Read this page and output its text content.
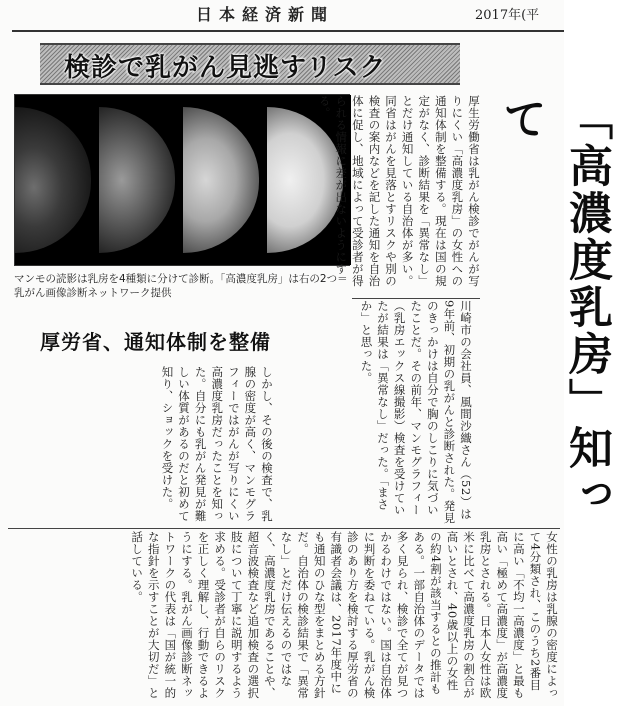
日本経済新聞	2017年(平
検診で乳がん見逃すリスク
「高濃度乳房」知って
マンモの読影は乳房を4種類に分けて診断。「高濃度乳房」は右の2つ＝乳がん画像診断ネットワーク提供
厚生労働省は乳がん検診でがんが写りにくい「高濃度乳房」の女性への通知体制を整備する。現在は国の規定がなく、診断結果を「異常なし」とだけ通知している自治体が多い。同省はがんを見落とすリスクや別の検査の案内などを記した通知を自治体に促し、地域によって受診者が得られる情報に差が出ないようにする。
厚労省、通知体制を整備	川崎市の会社員、風間沙織さん（52）は9年前、初期の乳がんと診断された。発見のきっかけは自分で胸のしこりに気づいたことだ。その前年、マンモグラフィー（乳房エックス線撮影）検査を受けていたが結果は「異常なし」だった。「まさか」と思った。
しかし、その後の検査で、乳腺の密度が高く、マンモグラフィーではがんが写りにくい高濃度乳房だったことを知った。自分にも乳がん発見が難しい体質があるのだと初めて知り、ショックを受けた。
女性の乳房は乳腺の密度によって4分類され、このうち2番目に高い「不均一高濃度」と最も高い「極めて高濃度」が高濃度乳房とされる。日本人女性は欧米に比べて高濃度乳房の割合が高いとされ、40歳以上の女性の約4割が該当するとの推計もある。一部自治体のデータでは多く見られ、検診で全てが見つかるわけではない。国は自治体に判断を委ねている。乳がん検診のあり方を検討する厚労省の有識者会議は、2017年度中にも通知のひな型をまとめる方針だ。自治体の検診結果で「異常なし」とだけ伝えるのではなく、高濃度乳房であることや、超音波検査など追加検査の選択肢について丁寧に説明するよう求める。受診者が自らのリスクを正しく理解し、行動できるようにする。乳がん画像診断ネットワークの代表は「国が統一的な指針を示すことが大切だ」と話している。
